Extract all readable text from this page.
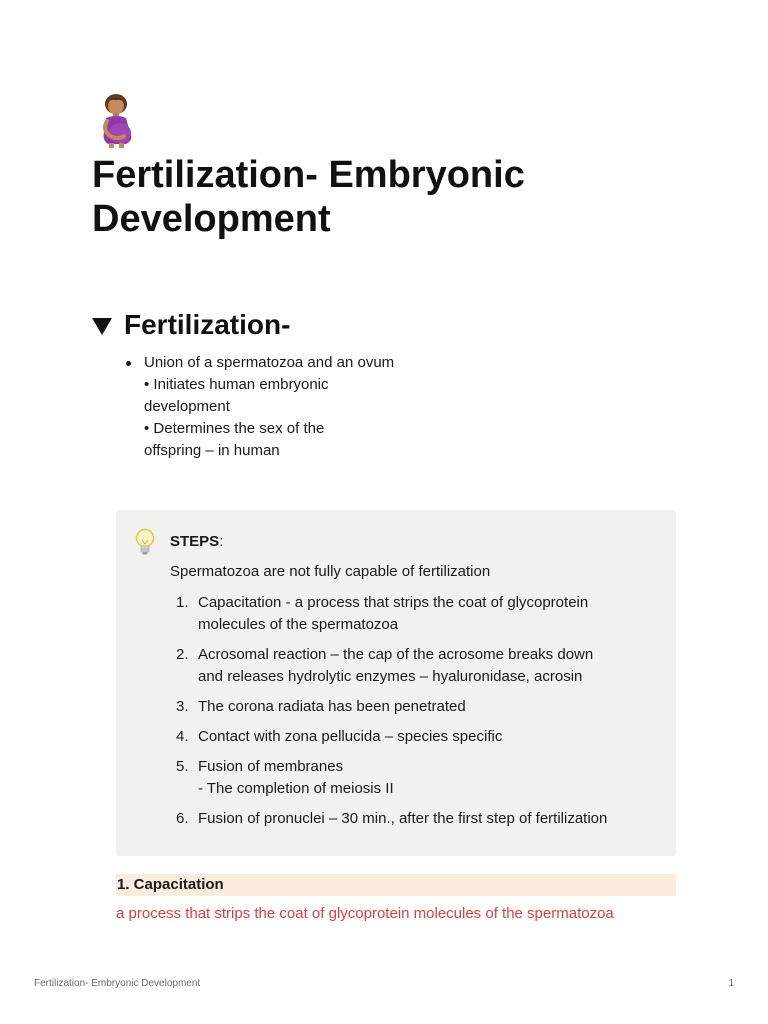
Fertilization- Embryonic Development
Fertilization-
Union of a spermatozoa and an ovum
• Initiates human embryonic
development
• Determines the sex of the
offspring – in human
STEPS:
Spermatozoa are not fully capable of fertilization
1. Capacitation - a process that strips the coat of glycoprotein
molecules of the spermatozoa
2. Acrosomal reaction – the cap of the acrosome breaks down
and releases hydrolytic enzymes – hyaluronidase, acrosin
3. The corona radiata has been penetrated
4. Contact with zona pellucida – species specific
5. Fusion of membranes
- The completion of meiosis II
6. Fusion of pronuclei – 30 min., after the first step of fertilization
1. Capacitation
a process that strips the coat of glycoprotein molecules of the spermatozoa
Fertilization- Embryonic Development	1
